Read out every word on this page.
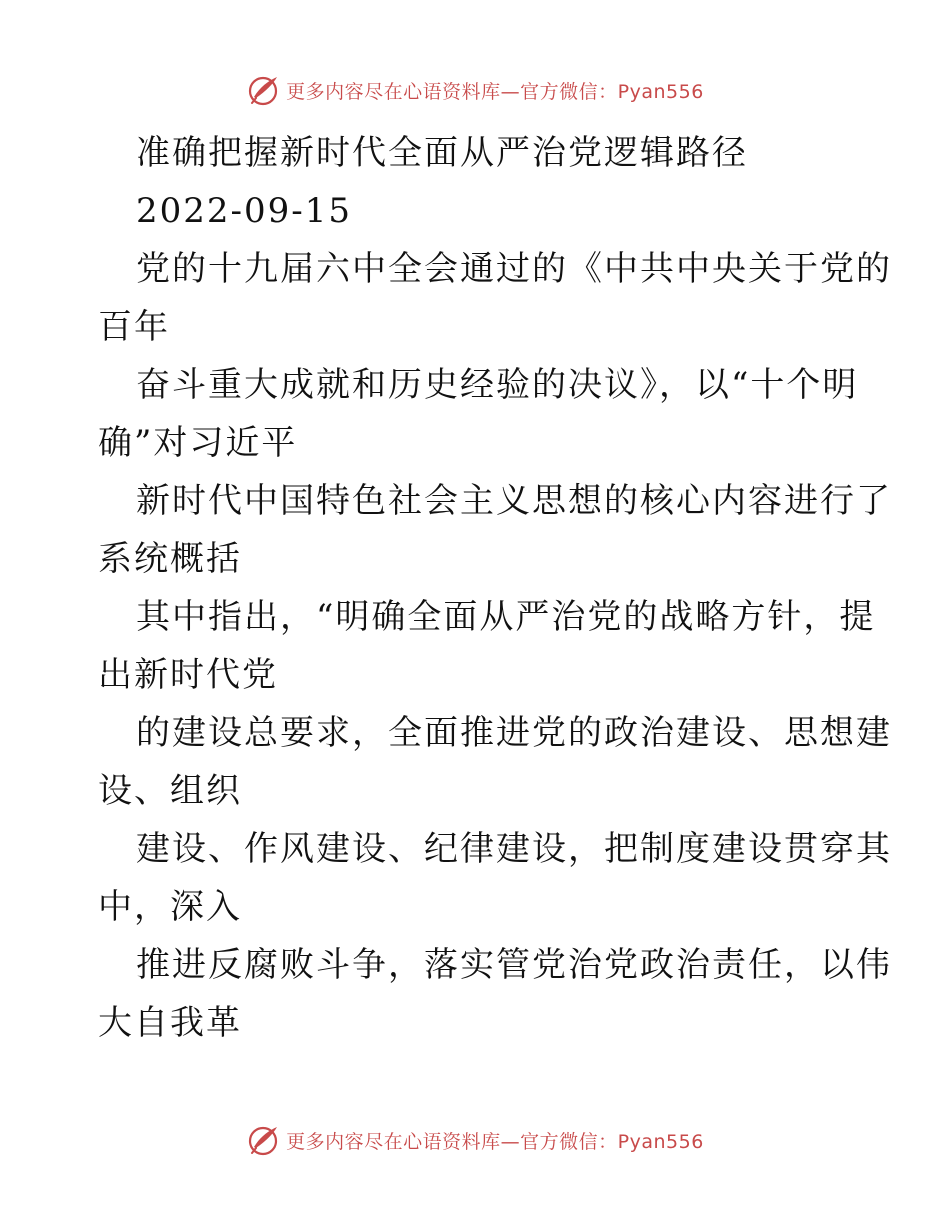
更多内容尽在心语资料库—官方微信：Pyan556
准确把握新时代全面从严治党逻辑路径
2022-09-15
党的十九届六中全会通过的《中共中央关于党的
百年
奋斗重大成就和历史经验的决议》，以“十个明
确”对习近平
新时代中国特色社会主义思想的核心内容进行了
系统概括
其中指出，“明确全面从严治党的战略方针，提
出新时代党
的建设总要求，全面推进党的政治建设、思想建
设、组织
建设、作风建设、纪律建设，把制度建设贯穿其
中，深入
推进反腐败斗争，落实管党治党政治责任，以伟
大自我革
更多内容尽在心语资料库—官方微信：Pyan556
